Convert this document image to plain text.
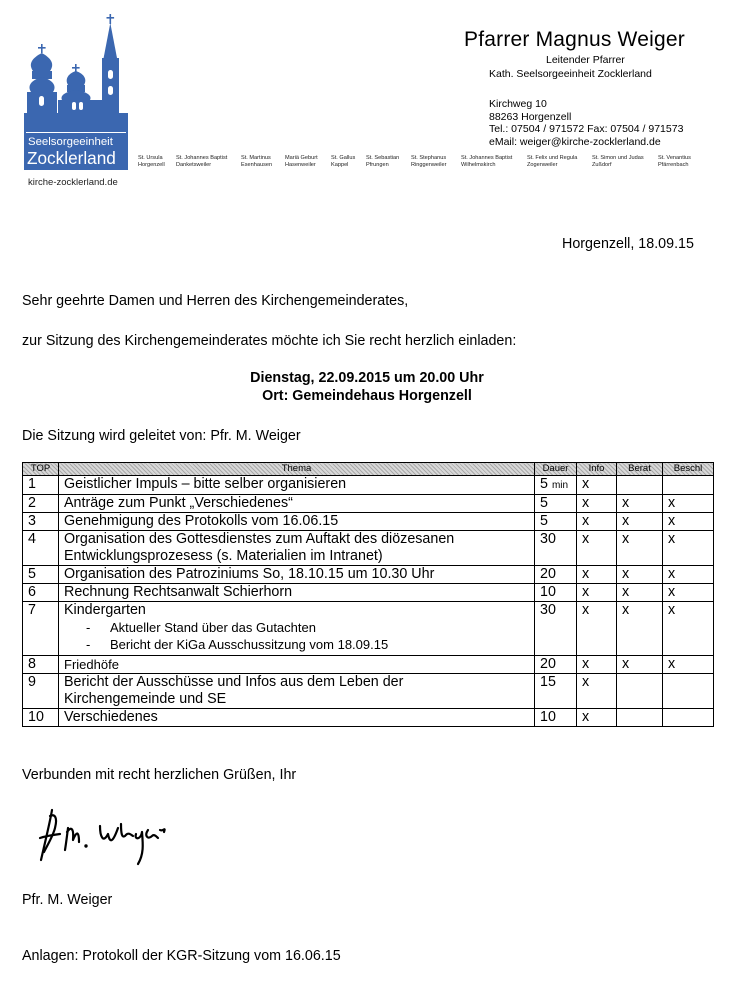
Seelsorgeeinheit
Zocklerland
kirche-zocklerland.de
Pfarrer Magnus Weiger
Leitender Pfarrer
Kath. Seelsorgeeinheit Zocklerland
Kirchweg 10
88263 Horgenzell
Tel.: 07504 / 971572 Fax: 07504 / 971573
eMail: weiger@kirche-zocklerland.de
St. Ursula
Horgenzell
St. Johannes Baptist
Danketsweiler
St. Martinus
Esenhausen
Mariä Geburt
Hasenweiler
St. Gallus
Kappel
St. Sebastian
Pfrungen
St. Stephanus
Ringgenweiler
St. Johannes Baptist
Wilhelmskirch
St. Felix und Regula
Zogenweiler
St. Simon und Judas
Zußdorf
St. Venantius
Pfärrenbach
Horgenzell, 18.09.15
Sehr geehrte Damen und Herren des Kirchengemeinderates,
zur Sitzung des Kirchengemeinderates möchte ich Sie recht herzlich einladen:
Dienstag, 22.09.2015 um 20.00 Uhr
Ort: Gemeindehaus Horgenzell
Die Sitzung wird geleitet von: Pfr. M. Weiger
TOP	Thema	Dauer	Info	Berat	Beschl
1	Geistlicher Impuls – bitte selber organisieren	5 min	x		
2	Anträge zum Punkt „Verschiedenes“	5	x	x	x
3	Genehmigung des Protokolls vom 16.06.15	5	x	x	x
4	Organisation des Gottesdienstes zum Auftakt des diözesanen
Entwicklungsprozesess (s. Materialien im Intranet)	30	x	x	x
5	Organisation des Patroziniums So, 18.10.15 um 10.30 Uhr	20	x	x	x
6	Rechnung Rechtsanwalt Schierhorn	10	x	x	x
7	Kindergarten
- Aktueller Stand über das Gutachten
- Bericht der KiGa Ausschussitzung vom 18.09.15	30	x	x	x
8	Friedhöfe	20	x	x	x
9	Bericht der Ausschüsse und Infos aus dem Leben der
Kirchengemeinde und SE	15	x		
10	Verschiedenes	10	x		
Verbunden mit recht herzlichen Grüßen, Ihr
Pfr. M. Weiger
Anlagen: Protokoll der KGR-Sitzung vom 16.06.15
